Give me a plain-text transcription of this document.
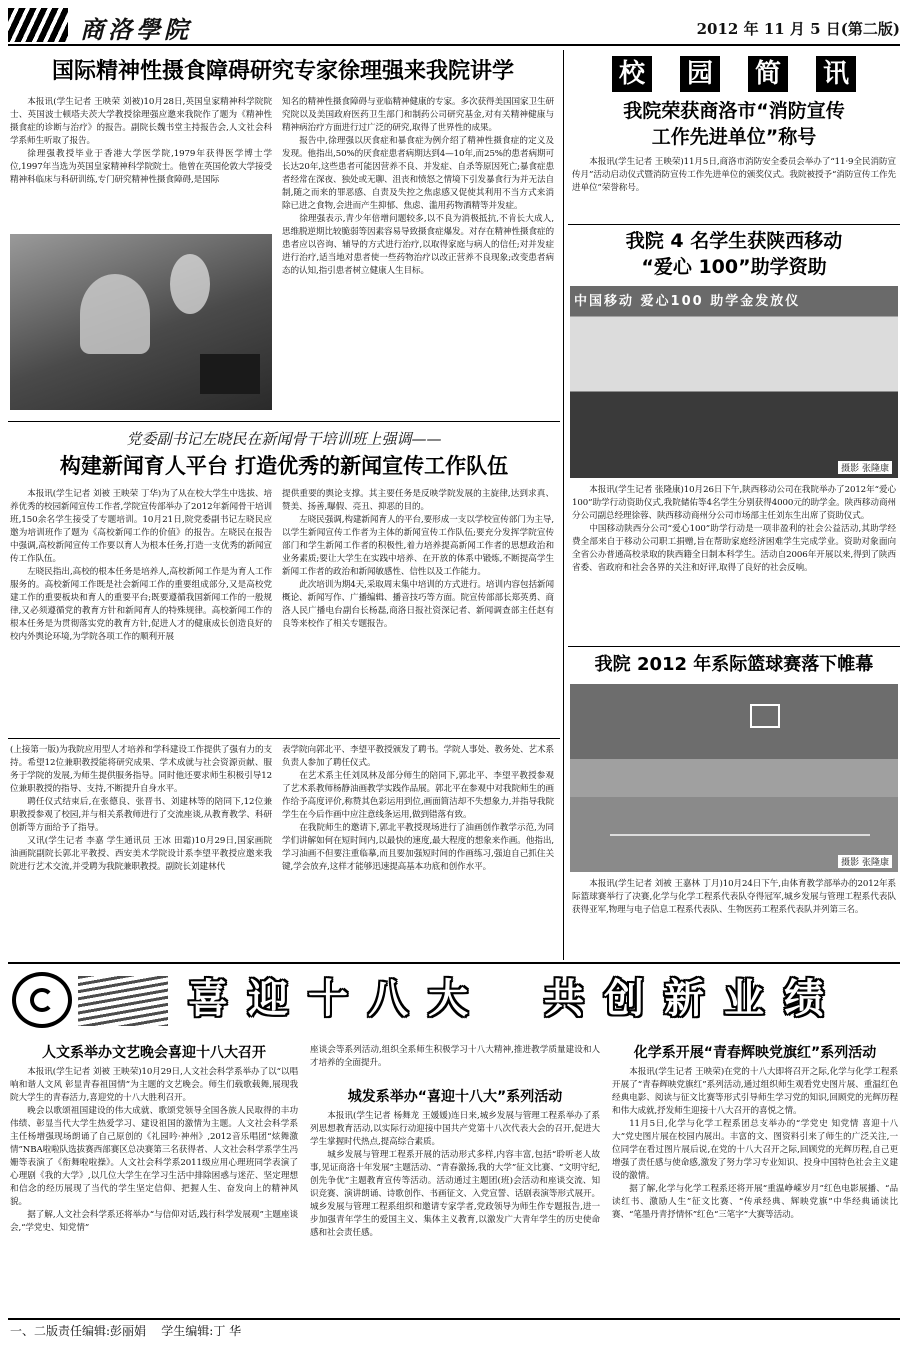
商洛學院	2012 年 11 月 5 日(第二版)
国际精神性摄食障碍研究专家徐理强来我院讲学

本报讯(学生记者 王映荣 刘被)10月28日,英国皇家精神科学院院士、英国波士顿塔夫茨大学教授徐理强应邀来我院作了题为《精神性摄食症的诊断与治疗》的报告。副院长魏书堂主持报告会,人文社会科学系师生听取了报告。

徐理强教授毕业于香港大学医学院,1979年获得医学博士学位,1997年当选为英国皇家精神科学院院士。他曾在英国伦敦大学接受精神科临床与科研训练,专门研究精神性摄食障碍,是国际

知名的精神性摄食障碍与亚临精神健康的专家。多次获得美国国家卫生研究院以及美国政府医药卫生部门和制药公司研究基金,对有关精神健康与精神病治疗方面进行过广泛的研究,取得了世界性的成果。

报告中,徐理强以厌食症和暴食症为例介绍了精神性摄食症的定义及发现。他指出,50%的厌食症患者病期达到4—10年,而25%的患者病期可长达20年,这些患者可能因营养不良、并发症、自杀等原因死亡;暴食症患者经常在深夜、独处或无聊、沮丧和愤怒之情境下引发暴食行为并无法自制,随之而来的罪恶感、自责及失控之焦虑感又促使其利用不当方式来消除已进之食物,会进而产生抑郁、焦虑、滥用药物酒精等并发症。

徐理强表示,青少年倍增问题较多,以不良为消极抵抗,不肯长大成人,思维脱逆期比较脆弱等因素容易导致摄食症爆发。对存在精神性摄食症的患者应以咨询、辅导的方式进行治疗,以取得家庭与病人的信任;对并发症进行治疗,适当地对患者使一些药物治疗以改正营养不良现象;改变患者病态的认知,指引患者树立健康人生目标。

党委副书记左晓民在新闻骨干培训班上强调——
构建新闻育人平台 打造优秀的新闻宣传工作队伍

本报讯(学生记者 刘被 王映荣 丁华)为了从在校大学生中选拔、培养优秀的校园新闻宣传工作者,学院宣传部举办了2012年新闻骨干培训班,150余名学生接受了专题培训。10月21日,院党委副书记左晓民应邀为培训班作了题为《高校新闻工作的价值》的报告。左晓民在报告中强调,高校新闻宣传工作要以育人为根本任务,打造一支优秀的新闻宣传工作队伍。

左晓民指出,高校的根本任务是培养人,高校新闻工作是为育人工作服务的。高校新闻工作既是社会新闻工作的重要组成部分,又是高校党建工作的重要板块和育人的重要平台;既要遵循我国新闻工作的一般规律,又必须遵循党的教育方针和新闻育人的特殊规律。高校新闻工作的根本任务是为贯彻落实党的教育方针,促进人才的健康成长创造良好的校内外舆论环境,为学院各项工作的顺利开展

提供重要的舆论支撑。其主要任务是反映学院发展的主旋律,达到求真、赞美、扬善,曝假、亮丑、抑恶的目的。

左晓民强调,构建新闻育人的平台,要形成一支以学校宣传部门为主导,以学生新闻宣传工作者为主体的新闻宣传工作队伍;要充分发挥学院宣传部门和学生新闻工作者的积极性,着力培养提高新闻工作者的思想政治和业务素质;要让大学生在实践中培养、在开放的体系中锻炼,不断提高学生新闻工作者的政治和新闻敏感性、信性以及工作能力。

此次培训为期4天,采取周末集中培训的方式进行。培训内容包括新闻概论、新闻写作、广播编辑、播音技巧等方面。院宣传部部长郑英勇、商洛人民广播电台副台长杨磊,商洛日报社资深记者、新闻调查部主任赵有良等来校作了相关专题报告。

(上接第一版)为我院应用型人才培养和学科建设工作提供了强有力的支持。希望12位兼职教授能将研究成果、学术成就与社会资源贡献、服务于学院的发展,为师生提供服务指导。同时他还要求师生积极引导12位兼职教授的指导、支持,不断提升自身水平。

聘任仪式结束后,在张德良、张晋书、刘建林等的陪同下,12位兼职教授参观了校园,并与相关系教师进行了交流座谈,从教育教学、科研创新等方面给予了指导。

又讯(学生记者 李嘉 学生通讯员 王冰 田霜)10月29日,国家画院油画院副院长郭北平教授、西安美术学院设计系李望平教授应邀来我院进行艺术交流,并受聘为我院兼职教授。副院长刘建林代

表学院向郭北平、李望平教授颁发了聘书。学院人事处、教务处、艺术系负责人参加了聘任仪式。

在艺术系主任刘凤林及部分师生的陪同下,郭北平、李望平教授参观了艺术系教师杨静油画教学实践作品展。郭北平在参观中对我院师生的画作给予高度评价,称赞其色彩运用到位,画面简洁却不失想象力,并指导我院学生在今后作画中应注意线条运用,做到错落有致。

在我院师生的邀请下,郭北平教授现场进行了油画创作教学示范,为同学们讲解如何在短时间内,以最快的速度,最大程度的想象来作画。他指出,学习油画不但要注重临摹,而且要加强短时间的作画练习,强迫自己抓住关键,学会放弃,这样才能够迅速提高基本功底和创作水平。

校 园 简 讯
我院荣获商洛市“消防宣传
工作先进单位”称号

本报讯(学生记者 王映荣)11月5日,商洛市消防安全委员会举办了“11·9全民消防宣传月”活动启动仪式暨消防宣传工作先进单位的颁奖仪式。我院被授予“消防宣传工作先进单位”荣誉称号。

我院 4 名学生获陕西移动
“爱心 100”助学资助
中国移动 爱心100 助学金发放仪
摄影 张隆康

本报讯(学生记者 张隆康)10月26日下午,陕西移动公司在我院举办了2012年“爱心100”助学行动资助仪式,我院储佑等4名学生分别获得4000元的助学金。陕西移动商州分公司副总经理徐蓉、陕西移动商州分公司市场部主任刘东生出席了资助仪式。

中国移动陕西分公司“爱心100”助学行动是一项非盈利的社会公益活动,其助学经费全部来自于移动公司职工捐赠,旨在帮助家庭经济困难学生完成学业。资助对象面向全省公办普通高校录取的陕西籍全日制本科学生。活动自2006年开展以来,得到了陕西省委、省政府和社会各界的关注和好评,取得了良好的社会反响。

我院 2012 年系际篮球赛落下帷幕
摄影 张隆康

本报讯(学生记者 刘被 王嘉林 丁月)10月24日下午,由体育教学部举办的2012年系际篮球赛举行了决赛,化学与化学工程系代表队夺得冠军,城乡发展与管理工程系代表队获得亚军,物理与电子信息工程系代表队、生物医药工程系代表队并列第三名。

喜 迎 十 八 大 共 创 新 业 绩
人文系举办文艺晚会喜迎十八大召开

本报讯(学生记者 刘被 王映荣)10月29日,人文社会科学系举办了以“以唱响和谐人文风 彰显青春祖国情”为主题的文艺晚会。师生们载歌载舞,展现我院大学生的青春活力,喜迎党的十八大胜利召开。

晚会以歌颂祖国建设的伟大成就、歌颂党领导全国各族人民取得的丰功伟绩、彰显当代大学生热爱学习、建设祖国的激情为主题。人文社会科学系主任杨增强现场朗诵了自己原创的《礼园吟·神州》,2012音乐唱团“炫舞激情”NBA啦啦队选拔赛西部赛区总决赛第三名获得者、人文社会科学系学生冯姗等表演了《衔舞啦啦操》。人文社会科学系2011级应用心理班同学表演了心理剧《我的大学》,以几位大学生在学习生活中排除困惑与迷茫、坚定理想和信念的经历展现了当代的学生坚定信仰、把握人生、奋发向上的精神风貌。

据了解,人文社会科学系还将举办“与信仰对话,践行科学发展观”主题座谈会,“学党史、知党情”

座谈会等系列活动,组织全系师生积极学习十八大精神,推进教学质量建设和人才培养的全面提升。

城发系举办“喜迎十八大”系列活动

本报讯(学生记者 杨舞龙 王媛媛)连日来,城乡发展与管理工程系举办了系列思想教育活动,以实际行动迎接中国共产党第十八次代表大会的召开,促进大学生掌握时代热点,提高综合素质。

城乡发展与管理工程系开展的活动形式多样,内容丰富,包括“聆听老人故事,见证商洛十年发展”主题活动、“青春激扬,我的大学”征文比赛、“文明守纪,创先争优”主题教育宣传等活动。活动通过主题团(班)会活动和座谈交流、知识竞赛、演讲朗诵、诗歌创作、书画征文、入党宣誓、话剧表演等形式展开。城乡发展与管理工程系组织和邀请专家学者,党政领导为师生作专题报告,进一步加强青年学生的爱国主义、集体主义教育,以激发广大青年学生的历史使命感和社会责任感。

化学系开展“青春辉映党旗红”系列活动

本报讯(学生记者 王映荣)在党的十八大即将召开之际,化学与化学工程系开展了“青春辉映党旗红”系列活动,通过组织师生观看党史图片展、重温红色经典电影、阅读与征文比赛等形式引导师生学习党的知识,回顾党的光辉历程和伟大成就,抒发师生迎接十八大召开的喜悦之情。

11月5日,化学与化学工程系团总支举办的“学党史 知党情 喜迎十八大”党史图片展在校园内展出。丰富的文、图资料引来了师生的广泛关注,一位同学在看过图片展后说,在党的十八大召开之际,回顾党的光辉历程,自己更增强了责任感与使命感,激发了努力学习专业知识、投身中国特色社会主义建设的激情。

据了解,化学与化学工程系还将开展“重温峥嵘岁月”红色电影展播、“品读红书、激励人生”征文比赛、“传承经典、辉映党旗”中华经典诵读比赛、“笔墨丹青抒情怀”红色“三笔字”大赛等活动。

一、二版责任编辑:彭丽娟    学生编辑:丁 华
